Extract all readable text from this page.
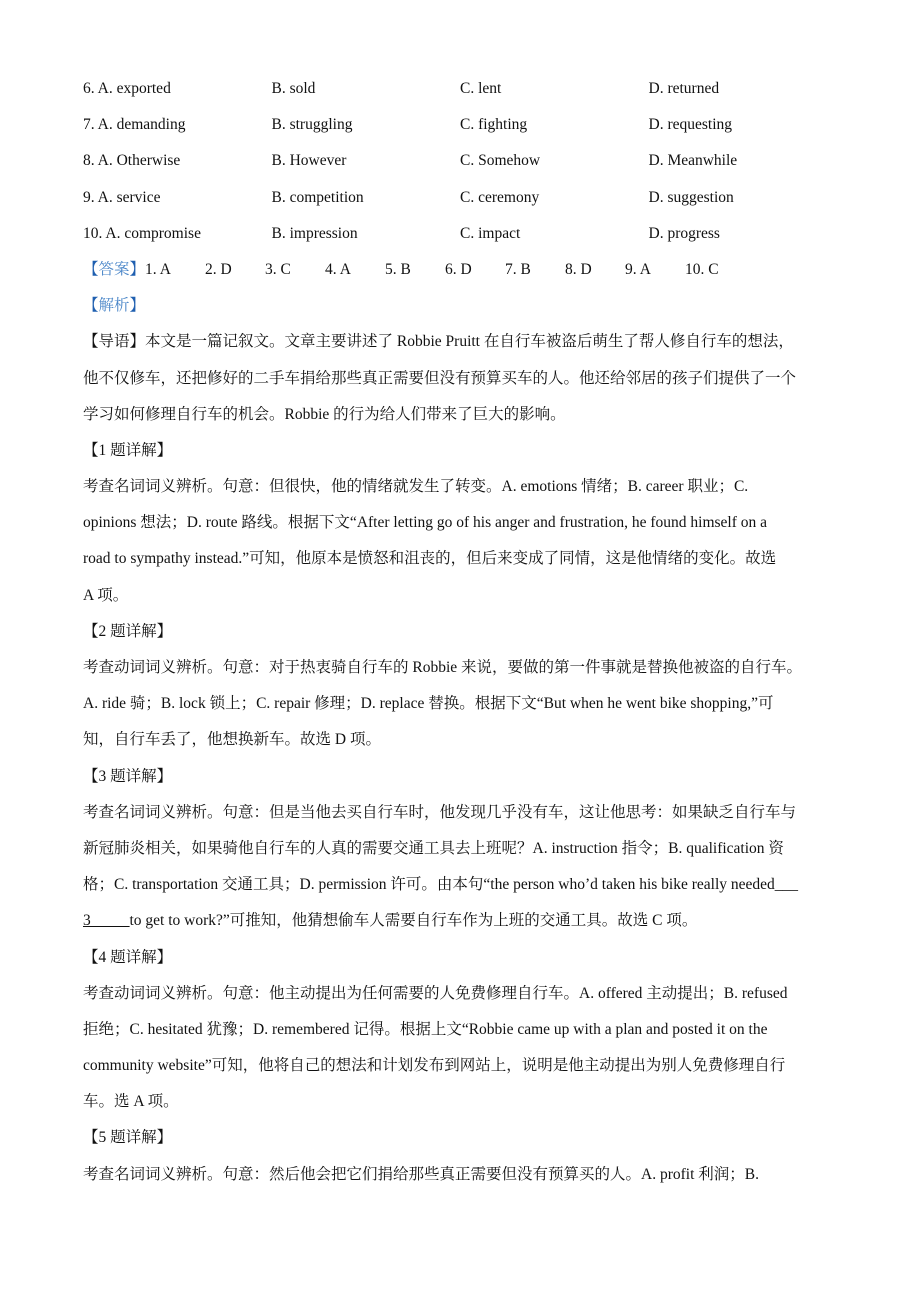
6. A. exported	B. sold	C. lent	D. returned
7. A. demanding	B. struggling	C. fighting	D. requesting
8. A. Otherwise	B. However	C. Somehow	D. Meanwhile
9. A. service	B. competition	C. ceremony	D. suggestion
10. A. compromise	B. impression	C. impact	D. progress
【答案】1. A 2. D 3. C 4. A 5. B 6. D 7. B 8. D 9. A 10. C
【解析】
【导语】本文是一篇记叙文。文章主要讲述了 Robbie Pruitt 在自行车被盗后萌生了帮人修自行车的想法，
他不仅修车，还把修好的二手车捐给那些真正需要但没有预算买车的人。他还给邻居的孩子们提供了一个
学习如何修理自行车的机会。Robbie 的行为给人们带来了巨大的影响。
【1 题详解】
考查名词词义辨析。句意：但很快，他的情绪就发生了转变。A. emotions 情绪；B. career 职业；C.
opinions 想法；D. route 路线。根据下文“After letting go of his anger and frustration, he found himself on a
road to sympathy instead.”可知，他原本是愤怒和沮丧的，但后来变成了同情，这是他情绪的变化。故选
A 项。
【2 题详解】
考查动词词义辨析。句意：对于热衷骑自行车的 Robbie 来说，要做的第一件事就是替换他被盗的自行车。
A. ride 骑；B. lock 锁上；C. repair 修理；D. replace 替换。根据下文“But when he went bike shopping,”可
知，自行车丢了，他想换新车。故选 D 项。
【3 题详解】
考查名词词义辨析。句意：但是当他去买自行车时，他发现几乎没有车，这让他思考：如果缺乏自行车与
新冠肺炎相关，如果骑他自行车的人真的需要交通工具去上班呢？A. instruction 指令；B. qualification 资
格；C. transportation 交通工具；D. permission 许可。由本句“the person who’d taken his bike really needed___
3_____to get to work?”可推知，他猜想偷车人需要自行车作为上班的交通工具。故选 C 项。
【4 题详解】
考查动词词义辨析。句意：他主动提出为任何需要的人免费修理自行车。A. offered 主动提出；B. refused
拒绝；C. hesitated 犹豫；D. remembered 记得。根据上文“Robbie came up with a plan and posted it on the
community website”可知，他将自己的想法和计划发布到网站上，说明是他主动提出为别人免费修理自行
车。选 A 项。
【5 题详解】
考查名词词义辨析。句意：然后他会把它们捐给那些真正需要但没有预算买的人。A. profit 利润；B.
